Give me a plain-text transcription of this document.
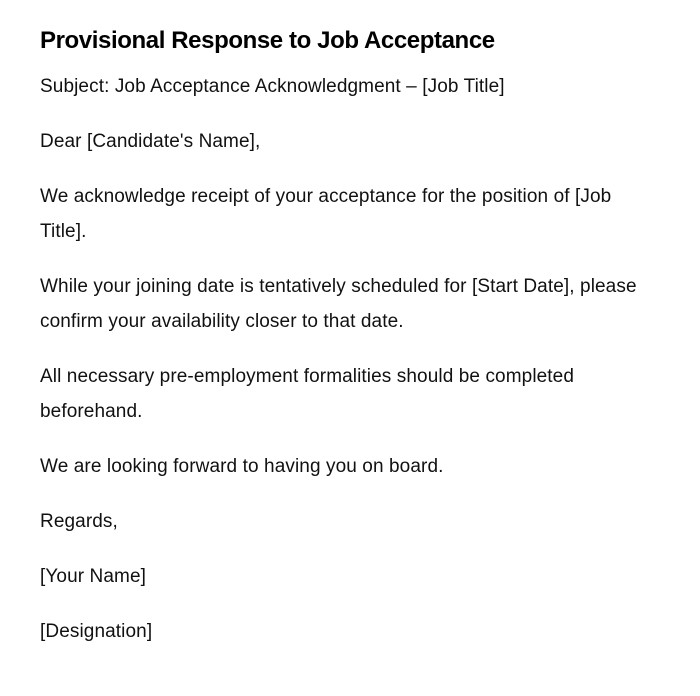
Provisional Response to Job Acceptance

Subject: Job Acceptance Acknowledgment – [Job Title]

Dear [Candidate's Name],

We acknowledge receipt of your acceptance for the position of [Job Title].

While your joining date is tentatively scheduled for [Start Date], please confirm your availability closer to that date.

All necessary pre-employment formalities should be completed beforehand.

We are looking forward to having you on board.

Regards,

[Your Name]

[Designation]
